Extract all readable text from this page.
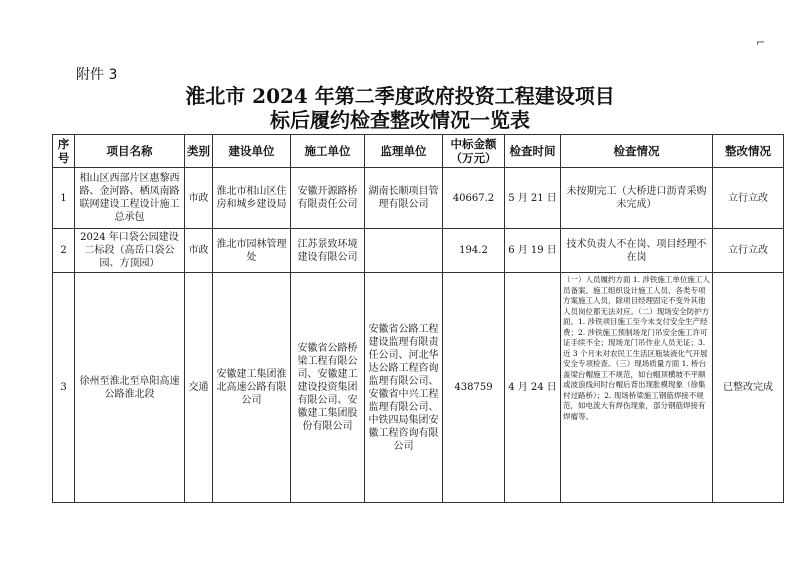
⌐
附件 3
淮北市 2024 年第二季度政府投资工程建设项目
标后履约检查整改情况一览表
序号	项目名称	类别	建设单位	施工单位	监理单位	中标金额（万元）	检查时间	检查情况	整改情况
1	相山区西部片区惠黎西路、金河路、栖凤南路联网建设工程设计施工总承包	市政	淮北市相山区住房和城乡建设局	安徽开源路桥有限责任公司	湖南长顺项目管理有限公司	40667.2	5 月 21 日	未按期完工（大桥进口沥青采购未完成）	立行立改
2	2024 年口袋公园建设二标段（高岳口袋公园、方顶园）	市政	淮北市园林管理处	江苏景致环境建设有限公司		194.2	6 月 19 日	技术负责人不在岗、项目经理不在岗	立行立改
3	徐州至淮北至阜阳高速公路淮北段	交通	安徽建工集团淮北高速公路有限公司	安徽省公路桥梁工程有限公司、安徽建工建设投资集团有限公司、安徽建工集团股份有限公司	安徽省公路工程建设监理有限责任公司、河北华达公路工程咨询监理有限公司、安徽省中兴工程监理有限公司、中铁四局集团安徽工程咨询有限公司	438759	4 月 24 日	（一）人员履约方面 1. 涉铁施工单位施工人员备案、施工组织设计施工人员、各类专项方案施工人员，除项目经理固定不变外其他人员岗位都无法对应。（二）现场安全防护方面。1. 涉铁项目施工至今未支付安全生产经费；2. 涉铁施工预制场龙门吊安全施工许可证手续不全；现场龙门吊作业人员无证；3. 近 3 个月未对农民工生活区瓶装液化气开展安全专项检查。（三）现场质量方面 1. 桥台盖梁台帽施工不规范，如台帽顶横坡不平顺或波浪线问时台帽后背出现胀模现象（徐集村过路桥）；2. 现场桥梁施工钢筋焊接不规范，如电流大有焊伤现象，部分钢筋焊接有焊瘤等。	已整改完成
